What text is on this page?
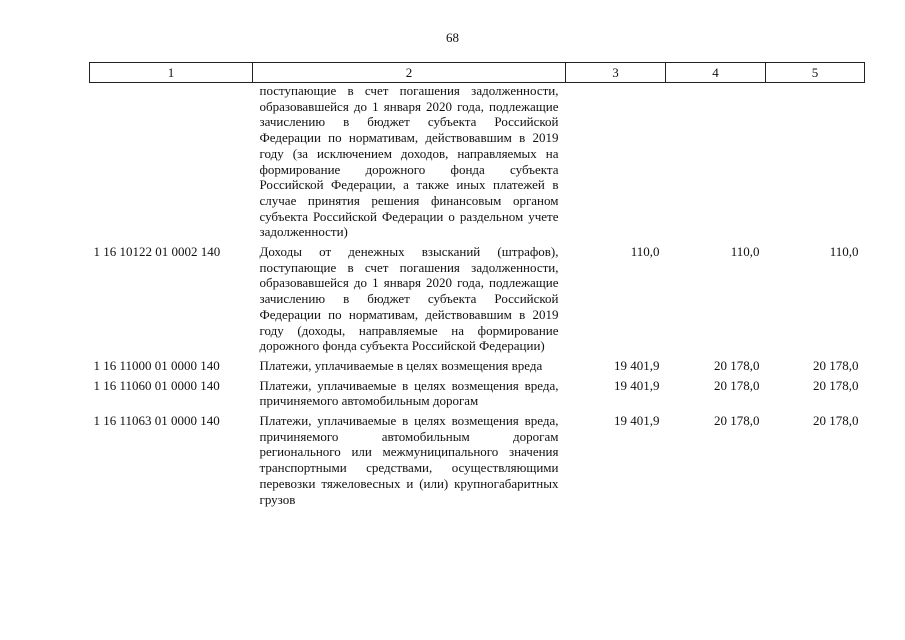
68
1	2	3	4	5
	поступающие в счет погашения задолженности, образовавшейся до 1 января 2020 года, подлежащие зачислению в бюджет субъекта Российской Федерации по нормативам, действовавшим в 2019 году (за исключением доходов, направляемых на формирование дорожного фонда субъекта Российской Федерации, а также иных платежей в случае принятия решения финансовым органом субъекта Российской Федерации о раздельном учете задолженности)			
1 16 10122 01 0002 140	Доходы от денежных взысканий (штрафов), поступающие в счет погашения задолженности, образовавшейся до 1 января 2020 года, подлежащие зачислению в бюджет субъекта Российской Федерации по нормативам, действовавшим в 2019 году (доходы, направляемые на формирование дорожного фонда субъекта Российской Федерации)	110,0	110,0	110,0
1 16 11000 01 0000 140	Платежи, уплачиваемые в целях возмещения вреда	19 401,9	20 178,0	20 178,0
1 16 11060 01 0000 140	Платежи, уплачиваемые в целях возмещения вреда, причиняемого автомобильным дорогам	19 401,9	20 178,0	20 178,0
1 16 11063 01 0000 140	Платежи, уплачиваемые в целях возмещения вреда, причиняемого автомобильным дорогам регионального или межмуниципального значения транспортными средствами, осуществляющими перевозки тяжеловесных и (или) крупногабаритных грузов	19 401,9	20 178,0	20 178,0
